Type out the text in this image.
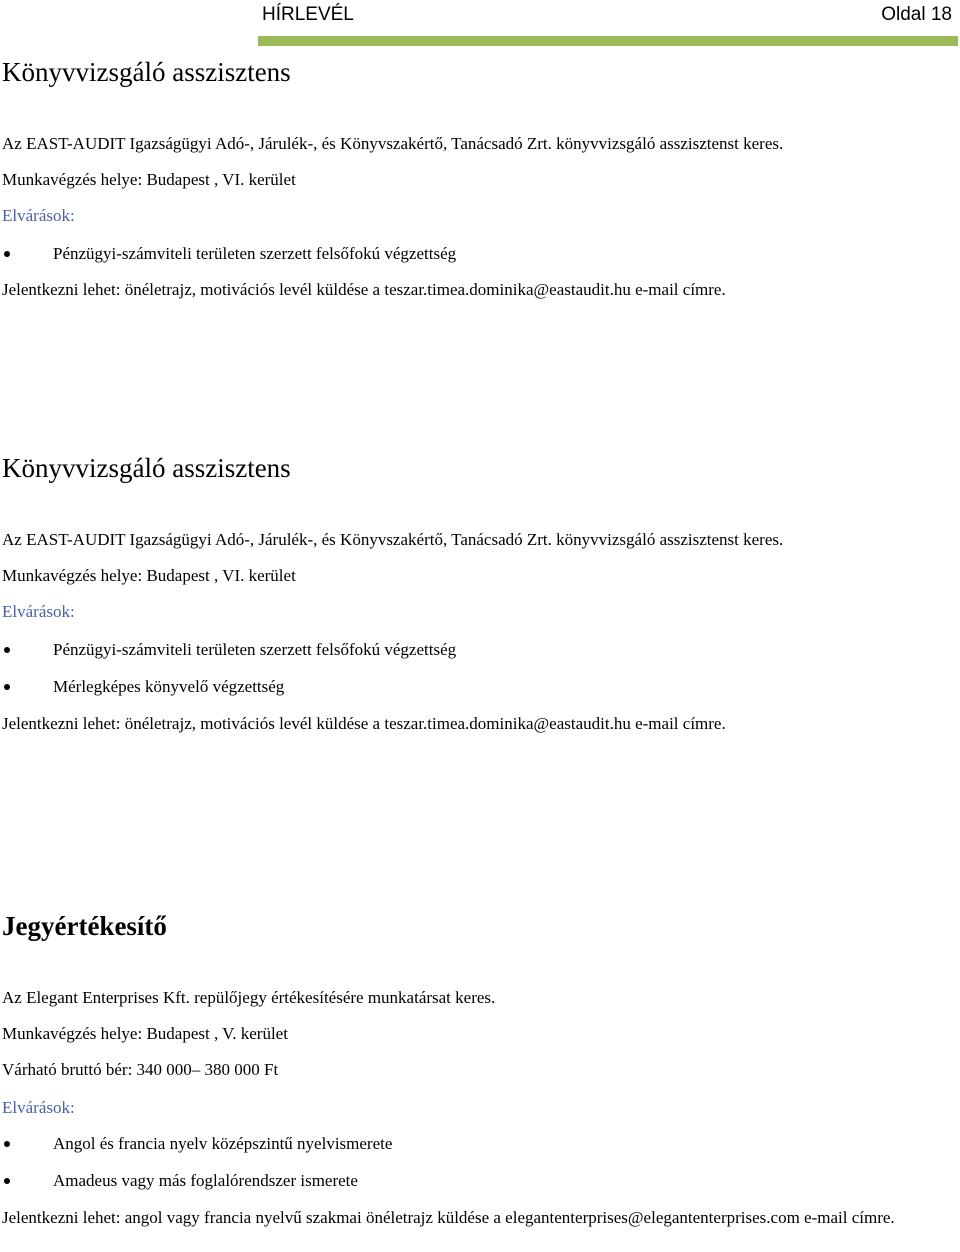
HÍRLEVÉL	Oldal 18
Könyvvizsgáló asszisztens
Az EAST-AUDIT Igazságügyi Adó-, Járulék-, és Könyvszakértő, Tanácsadó Zrt. könyvvizsgáló asszisztenst keres.
Munkavégzés helye: Budapest , VI. kerület
Elvárások:
Pénzügyi-számviteli területen szerzett felsőfokú végzettség
Jelentkezni lehet: önéletrajz, motivációs levél küldése a teszar.timea.dominika@eastaudit.hu e-mail címre.
Könyvvizsgáló asszisztens
Az EAST-AUDIT Igazságügyi Adó-, Járulék-, és Könyvszakértő, Tanácsadó Zrt. könyvvizsgáló asszisztenst keres.
Munkavégzés helye: Budapest , VI. kerület
Elvárások:
Pénzügyi-számviteli területen szerzett felsőfokú végzettség
Mérlegképes könyvelő végzettség
Jelentkezni lehet: önéletrajz, motivációs levél küldése a teszar.timea.dominika@eastaudit.hu e-mail címre.
Jegyértékesítő
Az Elegant Enterprises Kft. repülőjegy értékesítésére munkatársat keres.
Munkavégzés helye: Budapest , V. kerület
Várható bruttó bér: 340 000– 380 000 Ft
Elvárások:
Angol és francia nyelv középszintű nyelvismerete
Amadeus vagy más foglalórendszer ismerete
Jelentkezni lehet: angol vagy francia nyelvű szakmai önéletrajz küldése a elegantenterprises@elegantenterprises.com e-mail címre.
